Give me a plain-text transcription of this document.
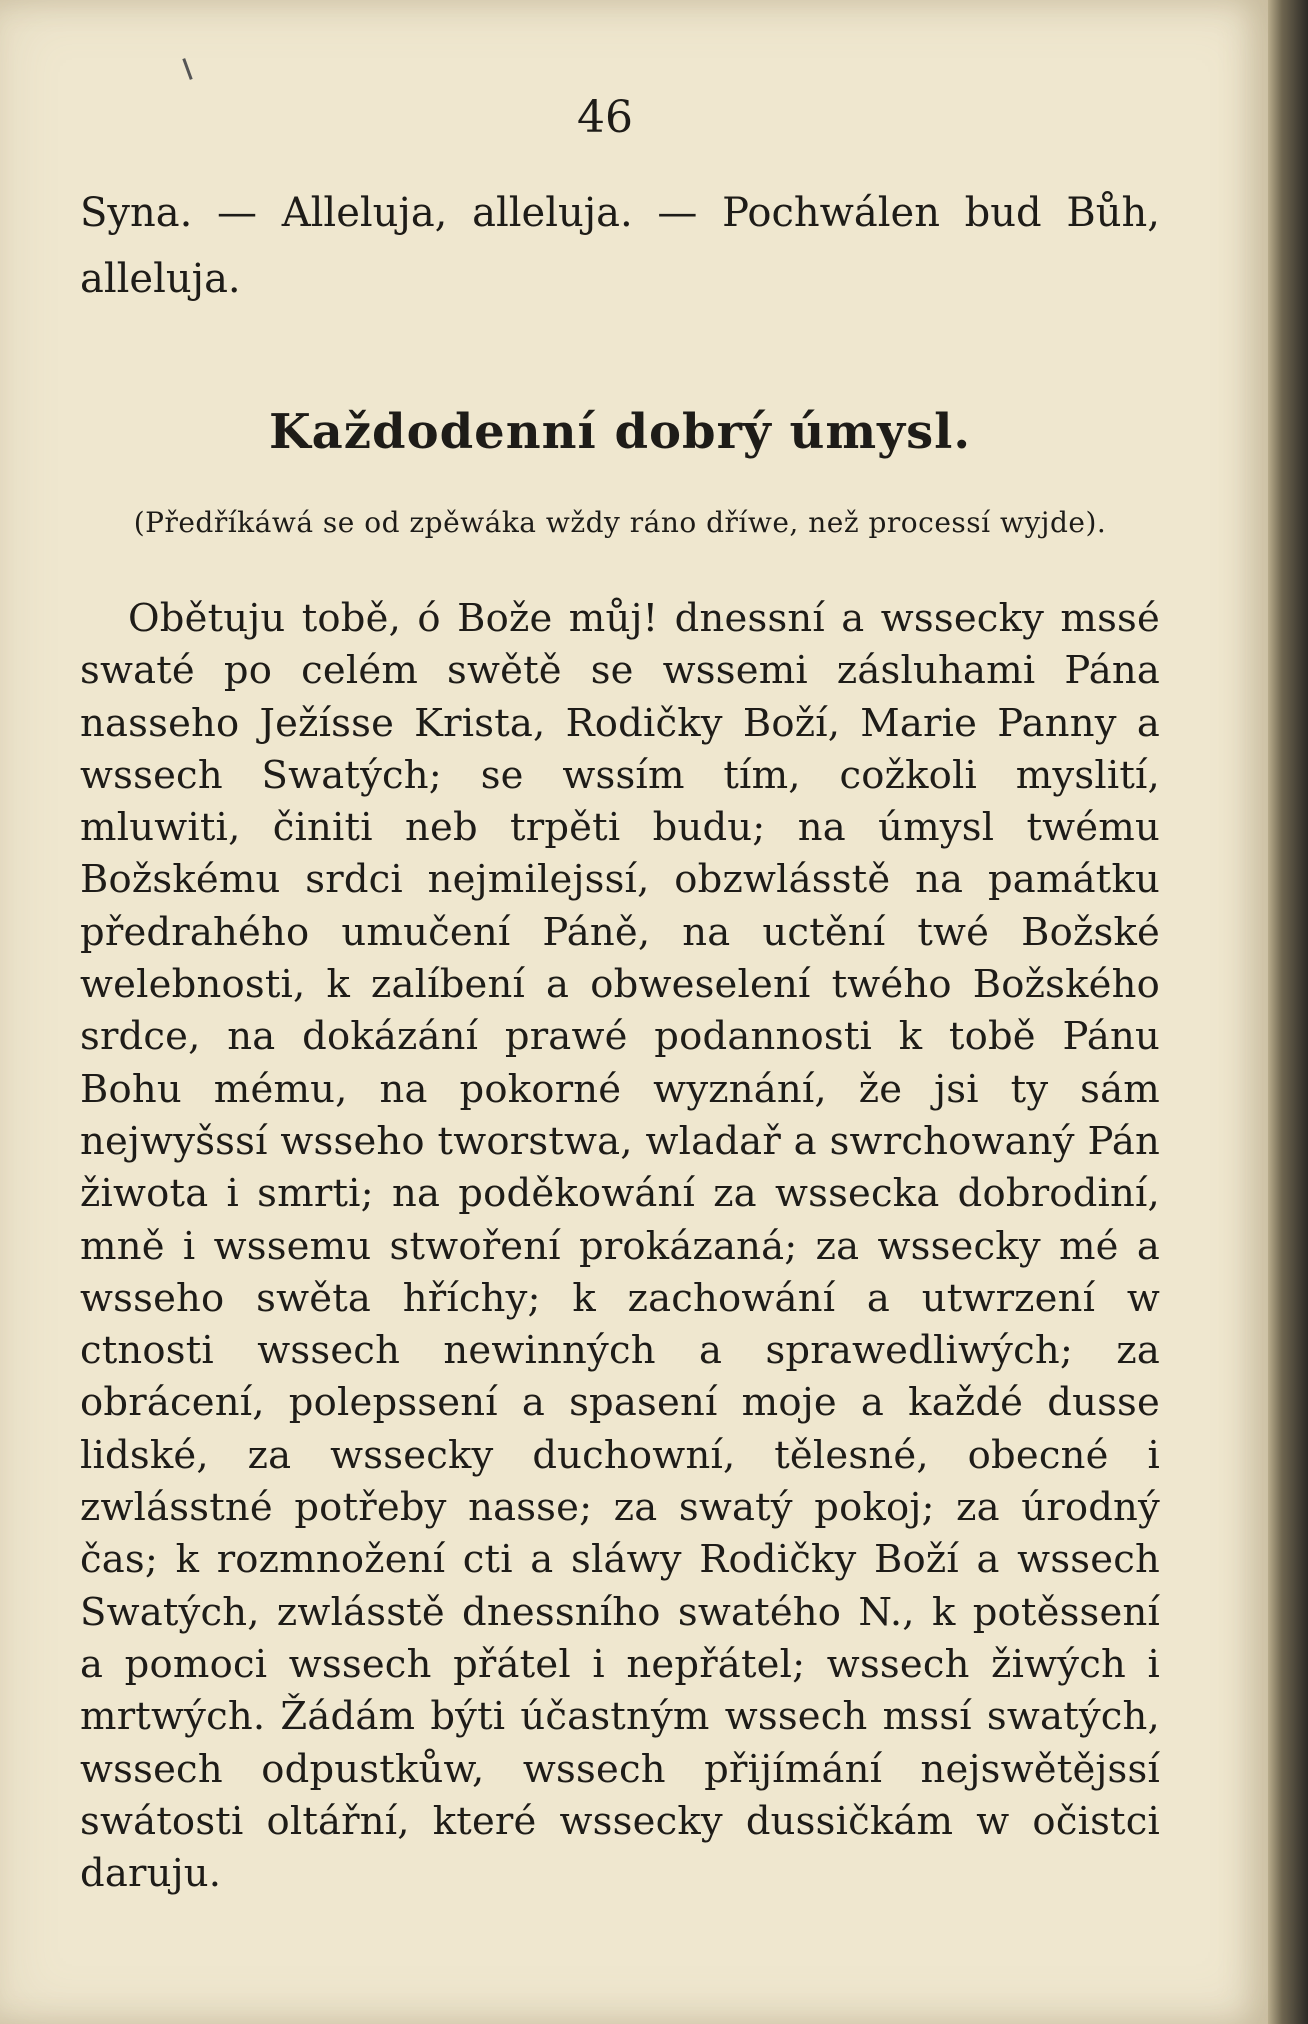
46

Syna. — Alleluja, alleluja. — Pochwálen bud Bůh, alleluja.

Každodenní dobrý úmysl.

(Předříkáwá se od zpěwáka wždy ráno dříwe, než processí wyjde).

Obětuju tobě, ó Bože můj! dnessní a wssecky mssé swaté po celém swětě se wssemi zásluhami Pána nasseho Ježísse Krista, Rodičky Boží, Marie Panny a wssech Swatých; se wssím tím, cožkoli myslití, mluwiti, činiti neb trpěti budu; na úmysl twému Božskému srdci nejmilejssí, obzwlásstě na památku předrahého umučení Páně, na uctění twé Božské welebnosti, k zalíbení a obweselení twého Božského srdce, na dokázání prawé podannosti k tobě Pánu Bohu mému, na pokorné wyznání, že jsi ty sám nejwyšssí wsseho tworstwa, wladař a swrchowaný Pán žiwota i smrti; na poděkowání za wssecka dobrodiní, mně i wssemu stwoření prokázaná; za wssecky mé a wsseho swěta hříchy; k zachowání a utwrzení w ctnosti wssech newinných a sprawedliwých; za obrácení, polepssení a spasení moje a každé dusse lidské, za wssecky duchowní, tělesné, obecné i zwlásstné potřeby nasse; za swatý pokoj; za úrodný čas; k rozmnožení cti a sláwy Rodičky Boží a wssech Swatých, zwlásstě dnessního swatého N., k potěssení a pomoci wssech přátel i nepřátel; wssech žiwých i mrtwých. Žádám býti účastným wssech mssí swatých, wssech odpustkůw, wssech přijímání nejswětějssí swátosti oltářní, které wssecky dussičkám w očistci daruju.
